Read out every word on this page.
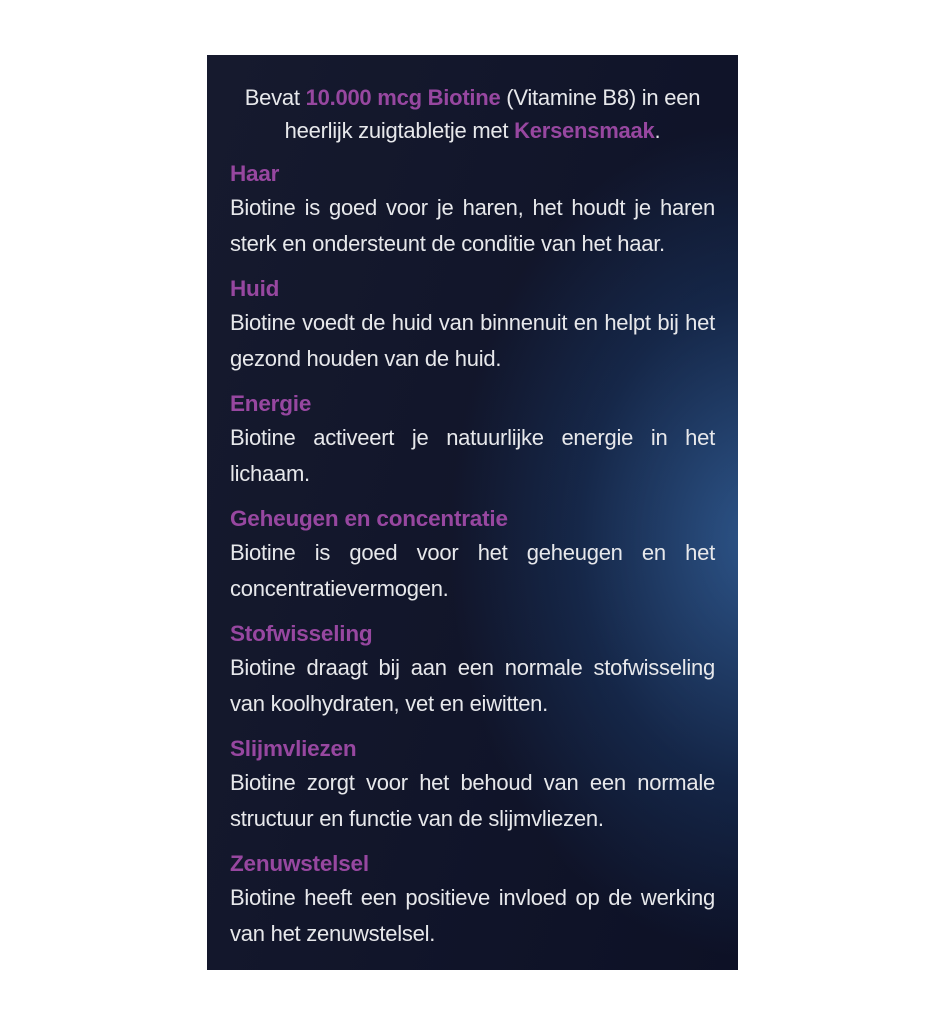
Bevat 10.000 mcg Biotine (Vitamine B8) in een
heerlijk zuigtabletje met Kersensmaak.
Haar
Biotine is goed voor je haren, het houdt je haren
sterk en ondersteunt de conditie van het haar.
Huid
Biotine voedt de huid van binnenuit en helpt bij het
gezond houden van de huid.
Energie
Biotine activeert je natuurlijke energie in het
lichaam.
Geheugen en concentratie
Biotine is goed voor het geheugen en het
concentratievermogen.
Stofwisseling
Biotine draagt bij aan een normale stofwisseling
van koolhydraten, vet en eiwitten.
Slijmvliezen
Biotine zorgt voor het behoud van een normale
structuur en functie van de slijmvliezen.
Zenuwstelsel
Biotine heeft een positieve invloed op de werking
van het zenuwstelsel.
